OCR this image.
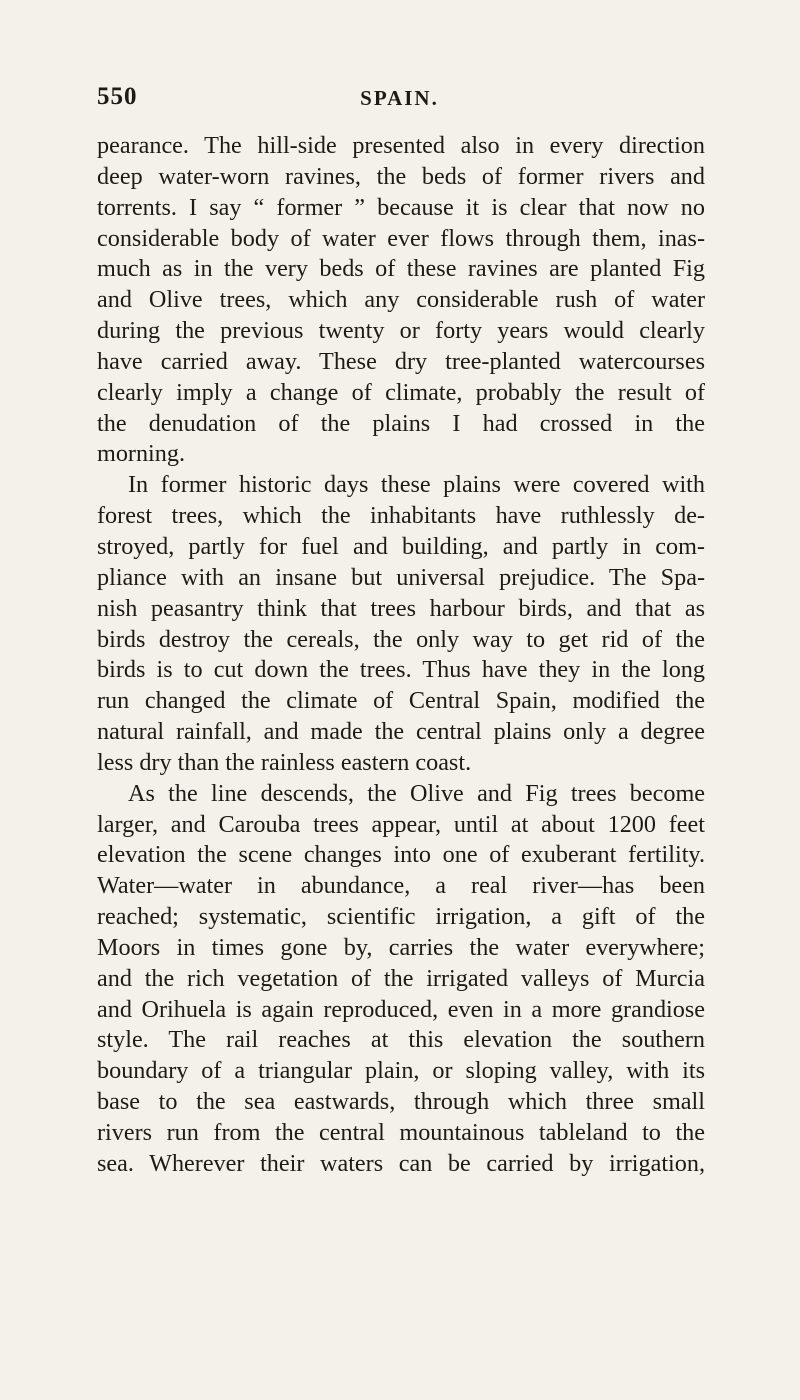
550	SPAIN.
pearance. The hill-side presented also in every direction
deep water-worn ravines, the beds of former rivers and
torrents. I say “ former ” because it is clear that now no
considerable body of water ever flows through them, inas-
much as in the very beds of these ravines are planted Fig
and Olive trees, which any considerable rush of water
during the previous twenty or forty years would clearly
have carried away. These dry tree-planted watercourses
clearly imply a change of climate, probably the result of
the denudation of the plains I had crossed in the
morning.
In former historic days these plains were covered with
forest trees, which the inhabitants have ruthlessly de-
stroyed, partly for fuel and building, and partly in com-
pliance with an insane but universal prejudice. The Spa-
nish peasantry think that trees harbour birds, and that as
birds destroy the cereals, the only way to get rid of the
birds is to cut down the trees. Thus have they in the long
run changed the climate of Central Spain, modified the
natural rainfall, and made the central plains only a degree
less dry than the rainless eastern coast.
As the line descends, the Olive and Fig trees become
larger, and Carouba trees appear, until at about 1200 feet
elevation the scene changes into one of exuberant fertility.
Water—water in abundance, a real river—has been
reached; systematic, scientific irrigation, a gift of the
Moors in times gone by, carries the water everywhere;
and the rich vegetation of the irrigated valleys of Murcia
and Orihuela is again reproduced, even in a more grandiose
style. The rail reaches at this elevation the southern
boundary of a triangular plain, or sloping valley, with its
base to the sea eastwards, through which three small
rivers run from the central mountainous tableland to the
sea. Wherever their waters can be carried by irrigation,
